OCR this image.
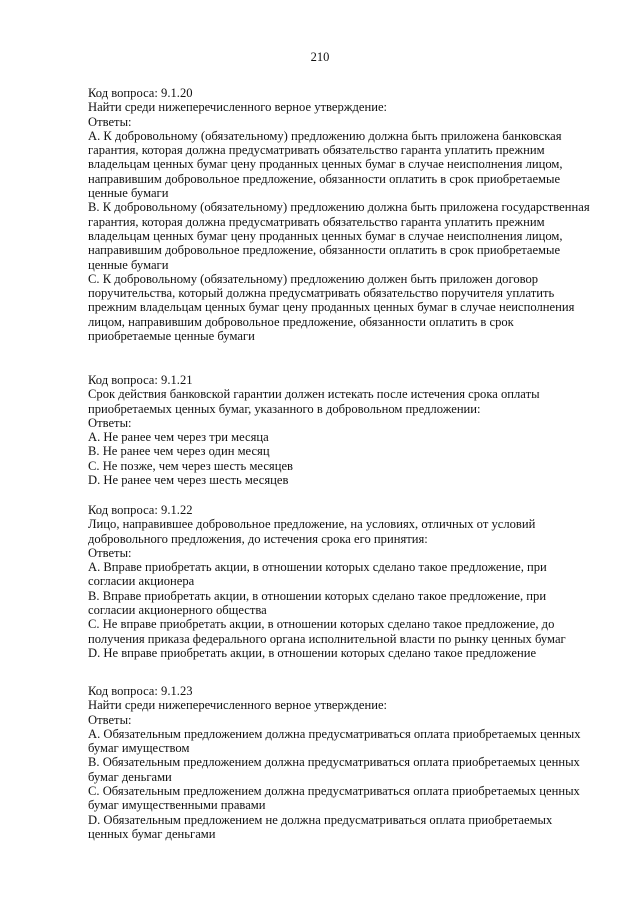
210

Код вопроса: 9.1.20

Найти среди нижеперечисленного верное утверждение:

Ответы:

А. К добровольному (обязательному) предложению должна быть приложена банковская
гарантия, которая должна предусматривать обязательство гаранта уплатить прежним
владельцам ценных бумаг цену проданных ценных бумаг в случае неисполнения лицом,
направившим добровольное предложение, обязанности оплатить в срок приобретаемые
ценные бумаги

B. К добровольному (обязательному) предложению должна быть приложена государственная
гарантия, которая должна предусматривать обязательство гаранта уплатить прежним
владельцам ценных бумаг цену проданных ценных бумаг в случае неисполнения лицом,
направившим добровольное предложение, обязанности оплатить в срок приобретаемые
ценные бумаги

C. К добровольному (обязательному) предложению должен быть приложен договор
поручительства, который должна предусматривать обязательство поручителя уплатить
прежним владельцам ценных бумаг цену проданных ценных бумаг в случае неисполнения
лицом, направившим добровольное предложение, обязанности оплатить в срок
приобретаемые ценные бумаги

Код вопроса: 9.1.21

Срок действия банковской гарантии должен истекать после истечения срока оплаты
приобретаемых ценных бумаг, указанного в добровольном предложении:

Ответы:

A. Не ранее чем через три месяца

B. Не ранее чем через один месяц

C. Не позже, чем через шесть месяцев

D. Не ранее чем через шесть месяцев

Код вопроса: 9.1.22

Лицо, направившее добровольное предложение, на условиях, отличных от условий
добровольного предложения, до истечения срока его принятия:

Ответы:

A. Вправе приобретать акции, в отношении которых сделано такое предложение, при
согласии акционера

B. Вправе приобретать акции, в отношении которых сделано такое предложение, при
согласии акционерного общества

C. Не вправе приобретать акции, в отношении которых сделано такое предложение, до
получения приказа федерального органа исполнительной власти по рынку ценных бумаг

D. Не вправе приобретать акции, в отношении которых сделано такое предложение

Код вопроса: 9.1.23

Найти среди нижеперечисленного верное утверждение:

Ответы:

A. Обязательным предложением должна предусматриваться оплата приобретаемых ценных
бумаг имуществом

B. Обязательным предложением должна предусматриваться оплата приобретаемых ценных
бумаг деньгами

C. Обязательным предложением должна предусматриваться оплата приобретаемых ценных
бумаг имущественными правами

D. Обязательным предложением не должна предусматриваться оплата приобретаемых
ценных бумаг деньгами
